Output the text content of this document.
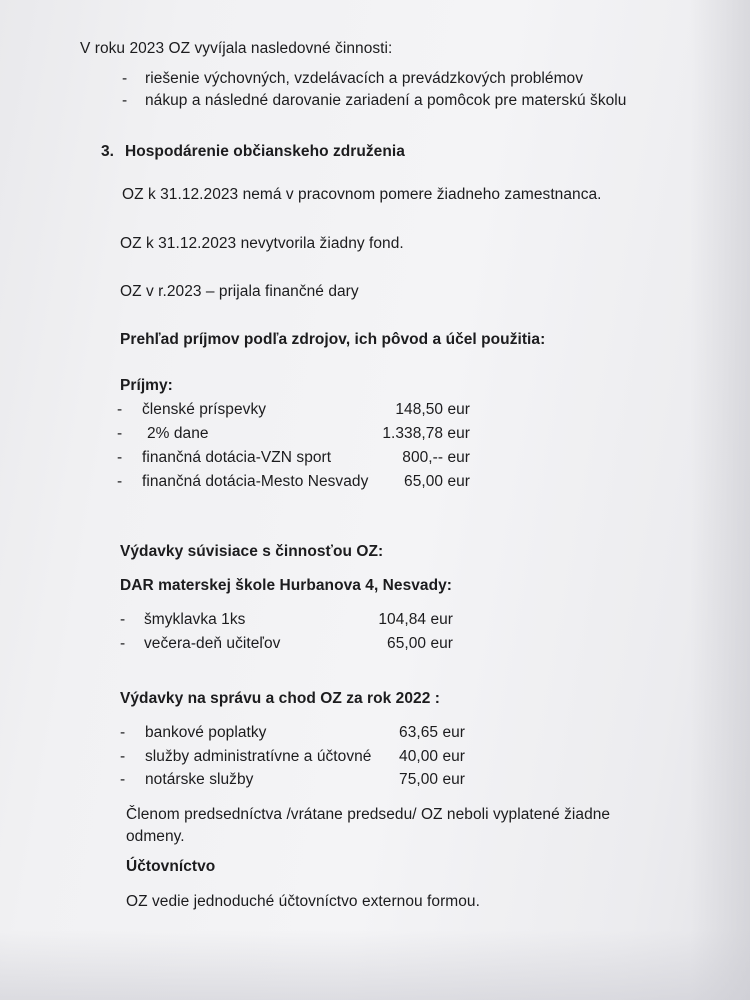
V roku 2023 OZ vyvíjala nasledovné činnosti:
- riešenie výchovných, vzdelávacích a prevádzkových problémov
- nákup a následné darovanie zariadení a pomôcok pre materskú školu
3. Hospodárenie občianskeho združenia
OZ k 31.12.2023 nemá v pracovnom pomere žiadneho zamestnanca.
OZ k 31.12.2023 nevytvorila žiadny fond.
OZ v r.2023 – prijala finančné dary
Prehľad príjmov podľa zdrojov, ich pôvod a účel použitia:
Príjmy:
- členské príspevky	148,50 eur
- 2% dane	1.338,78 eur
- finančná dotácia-VZN sport	800,-- eur
- finančná dotácia-Mesto Nesvady	65,00 eur
Výdavky súvisiace s činnosťou OZ:
DAR materskej škole Hurbanova 4, Nesvady:
- šmyklavka 1ks	104,84 eur
- večera-deň učiteľov	65,00 eur
Výdavky na správu a chod OZ za rok 2022 :
- bankové poplatky	63,65 eur
- služby administratívne a účtovné	40,00 eur
- notárske služby	75,00 eur
Členom predsedníctva /vrátane predsedu/ OZ neboli vyplatené žiadne
odmeny.
Účtovníctvo
OZ vedie jednoduché účtovníctvo externou formou.
